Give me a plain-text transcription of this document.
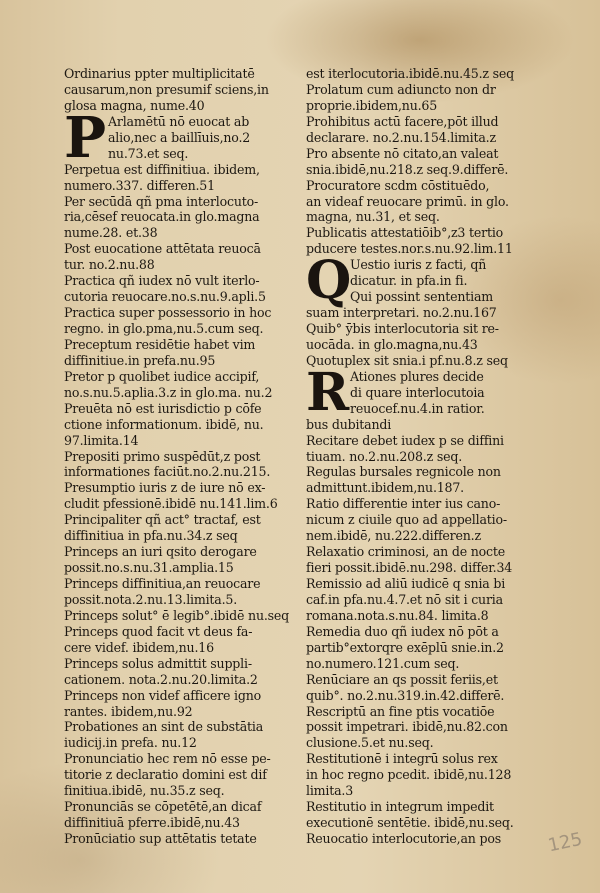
Ordinarius ppter multiplicitatē
causarum,non presumif sciens,in
glosa magna, nume.40
Arlamētū nō euocat ab
alio,nec a baillīuis,no.2
nu.73.et seq.
Perpetua est diffinitiua. ibidem,
numero.337. differen.51
Per secūdā qñ pma interlocuto-
ria,cēsef reuocata.in glo.magna
nume.28. et.38
Post euocatione attētata reuocā
tur. no.2.nu.88
Practica qñ iudex nō vult iterlo-
cutoria reuocare.no.s.nu.9.apli.5
Practica super possessorio in hoc
regno. in glo.pma,nu.5.cum seq.
Preceptum residētie habet vim
diffinitiue.in prefa.nu.95
Pretor p quolibet iudice accipif,
no.s.nu.5.aplia.3.z in glo.ma. nu.2
Preuēta nō est iurisdictio p cōfe
ctione informationum. ibidē, nu.
97.limita.14
Prepositi primo suspēdūt,z post
informationes faciūt.no.2.nu.215.
Presumptio iuris z de iure nō ex-
cludit pfessionē.ibidē nu.141.lim.6
Principaliter qñ act° tractaf, est
diffinitiua in pfa.nu.34.z seq
Princeps an iuri qsito derogare
possit.no.s.nu.31.amplia.15
Princeps diffinitiua,an reuocare
possit.nota.2.nu.13.limita.5.
Princeps solut° ē legib°.ibidē nu.seq
Princeps quod facit vt deus fa-
cere videf. ibidem,nu.16
Princeps solus admittit suppli-
cationem. nota.2.nu.20.limita.2
Princeps non videf afficere igno
rantes. ibidem,nu.92
Probationes an sint de substātia
iudicij.in prefa. nu.12
Pronunciatio hec rem nō esse pe-
titorie z declaratio domini est dif
finitiua.ibidē, nu.35.z seq.
Pronunciās se cōpetētē,an dicaf
diffinitiuā pferre.ibidē,nu.43
Pronūciatio sup attētatis tetate
P
est iterlocutoria.ibidē.nu.45.z seq
Prolatum cum adiuncto non dr
proprie.ibidem,nu.65
Prohibitus actū facere,pōt illud
declarare. no.2.nu.154.limita.z
Pro absente nō citato,an valeat
snia.ibidē,nu.218.z seq.9.differē.
Procuratore scdm cōstituēdo,
an videaf reuocare primū. in glo.
magna, nu.31, et seq.
Publicatis attestatiōib°,z3 tertio
pducere testes.nor.s.nu.92.lim.11
Uestio iuris z facti, qñ
dicatur. in pfa.in fi.
Qui possint sententiam
suam interpretari. no.2.nu.167
Quib° ȳbis interlocutoria sit re-
uocāda. in glo.magna,nu.43
Quotuplex sit snia.i pf.nu.8.z seq
Ationes plures decide
di quare interlocutoia
reuocef.nu.4.in ratior.
bus dubitandi
Recitare debet iudex p se diffini
tiuam. no.2.nu.208.z seq.
Regulas bursales regnicole non
admittunt.ibidem,nu.187.
Ratio differentie inter ius cano-
nicum z ciuile quo ad appellatio-
nem.ibidē, nu.222.differen.z
Relaxatio criminosi, an de nocte
fieri possit.ibidē.nu.298. differ.34
Remissio ad aliū iudicē q snia bi
caf.in pfa.nu.4.7.et nō sit i curia
romana.nota.s.nu.84. limita.8
Remedia duo qñ iudex nō pōt a
partib°extorqre exēplū snie.in.2
no.numero.121.cum seq.
Renūciare an qs possit feriis,et
quib°. no.2.nu.319.in.42.differē.
Rescriptū an fine ptis vocatiōe
possit impetrari. ibidē,nu.82.con
clusione.5.et nu.seq.
Restitutionē i integrū solus rex
in hoc regno pcedit. ibidē,nu.128
limita.3
Restitutio in integrum impedit
executionē sentētie. ibidē,nu.seq.
Reuocatio interlocutorie,an pos
Q
R
125
